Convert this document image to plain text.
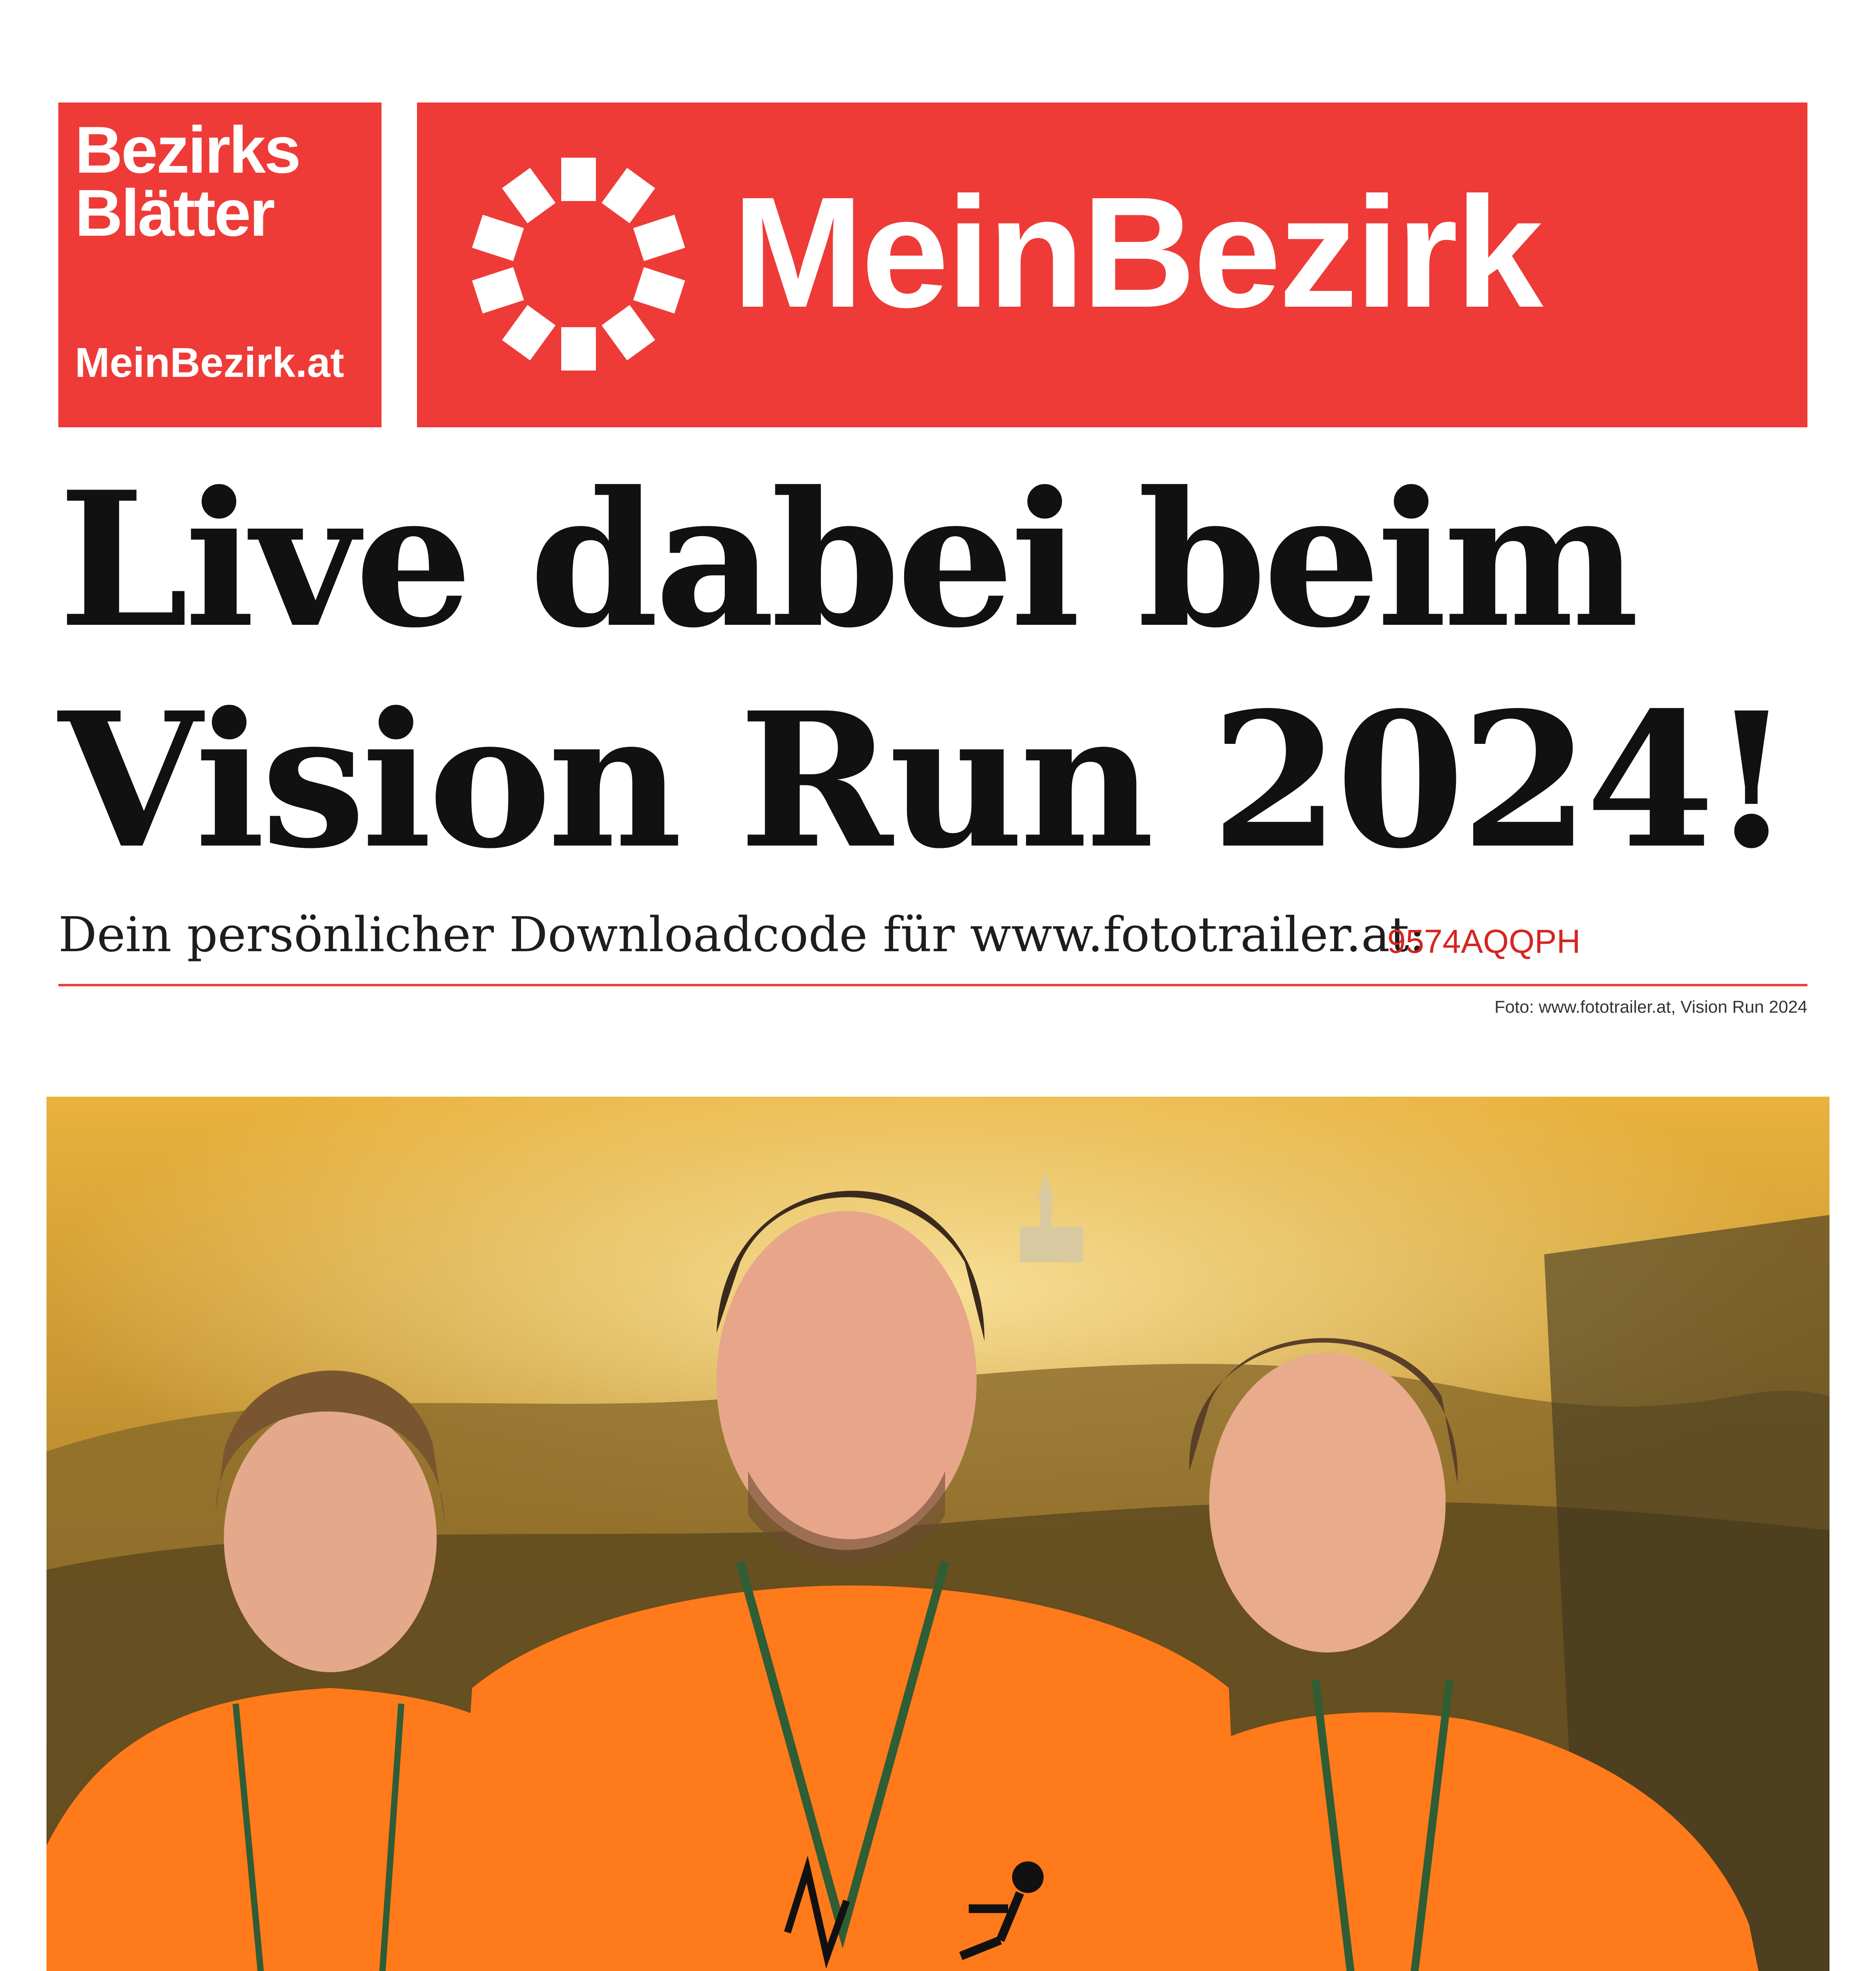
Bezirks
Blätter
MeinBezirk.at
MeinBezirk
Live dabei beim
Vision Run 2024!
Dein persönlicher Downloadcode für www.fototrailer.at:
9574AQQPH
Foto: www.fototrailer.at, Vision Run 2024
